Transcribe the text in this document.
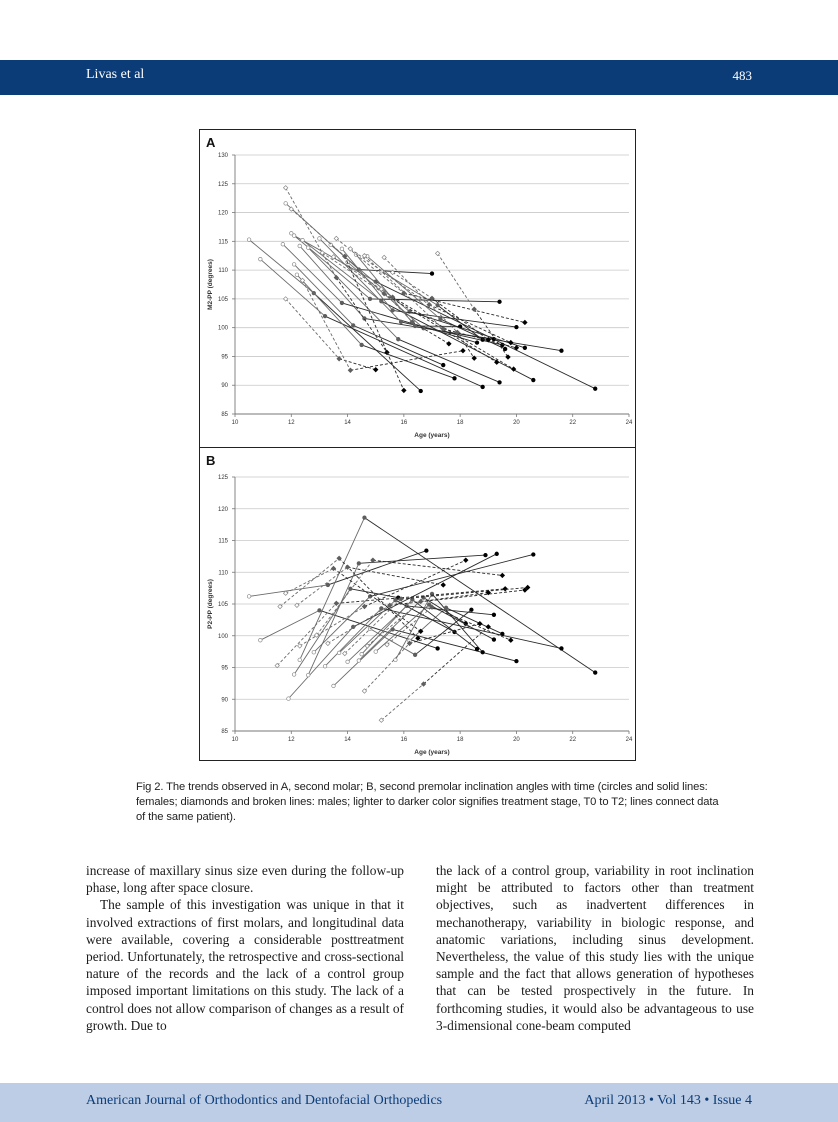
Livas et al	483
A
85
90
95
100
105
110
115
120
125
130
10	12	14	16	18	20	22	24
Age (years)
M2-PP (degrees)
B
85
90
95
100
105
110
115
120
125
10	12	14	16	18	20	22	24
Age (years)
P2-PP (degrees)
Fig 2. The trends observed in A, second molar; B, second premolar inclination angles with time (circles and solid lines: females; diamonds and broken lines: males; lighter to darker color signifies treatment stage, T0 to T2; lines connect data of the same patient).

increase of maxillary sinus size even during the follow-up phase, long after space closure.

The sample of this investigation was unique in that it involved extractions of first molars, and longitudinal data were available, covering a considerable posttreatment period. Unfortunately, the retrospective and cross-sectional nature of the records and the lack of a control group imposed important limitations on this study. The lack of a control does not allow comparison of changes as a result of growth. Due to

the lack of a control group, variability in root inclination might be attributed to factors other than treatment objectives, such as inadvertent differences in mechanotherapy, variability in biologic response, and anatomic variations, including sinus development. Nevertheless, the value of this study lies with the unique sample and the fact that allows generation of hypotheses that can be tested prospectively in the future. In forthcoming studies, it would also be advantageous to use 3-dimensional cone-beam computed

American Journal of Orthodontics and Dentofacial Orthopedics	April 2013 • Vol 143 • Issue 4
